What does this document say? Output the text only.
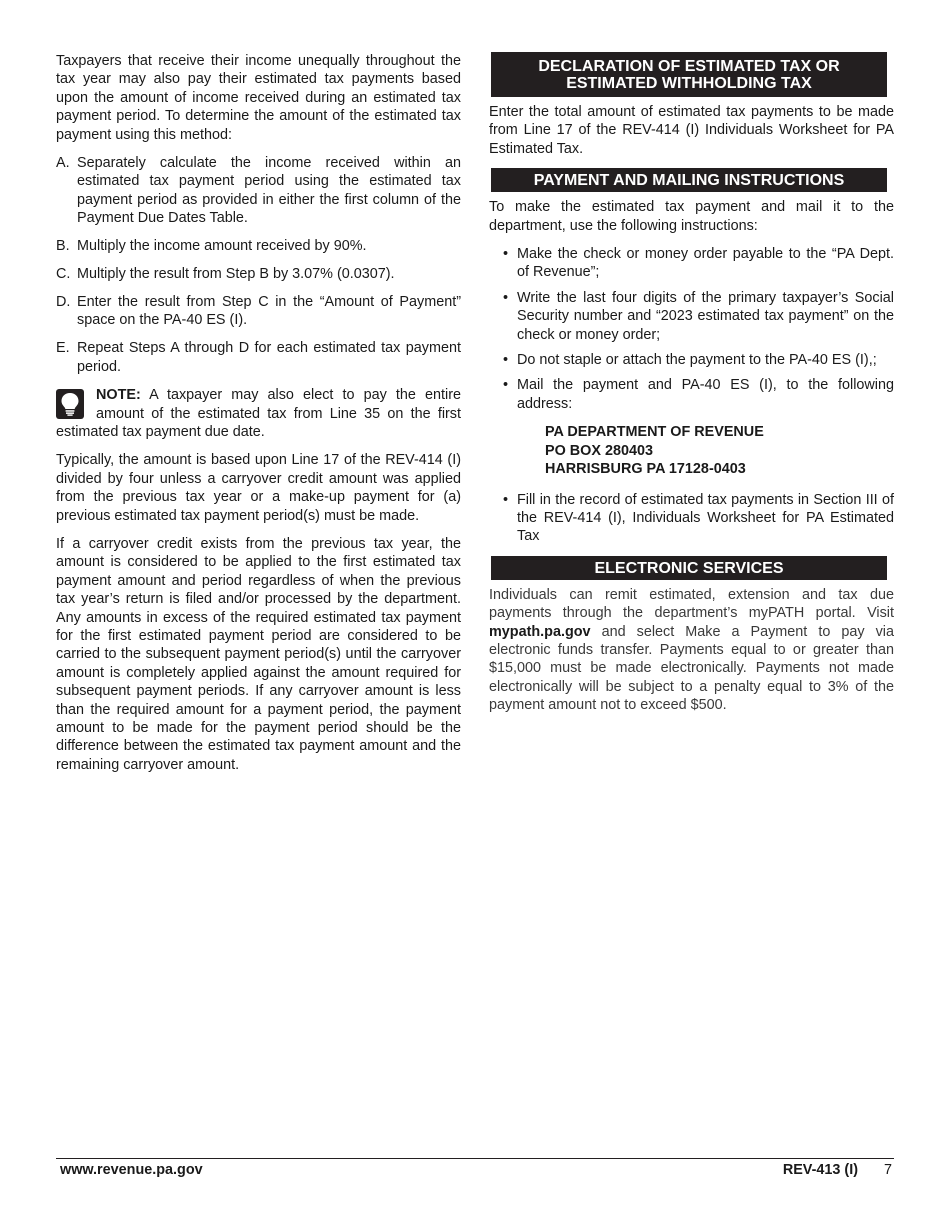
Taxpayers that receive their income unequally throughout the tax year may also pay their estimated tax payments based upon the amount of income received during an estimated tax payment period. To determine the amount of the estimated tax payment using this method:

A. Separately calculate the income received within an estimated tax payment period using the estimated tax payment period as provided in either the first column of the Payment Due Dates Table.
B. Multiply the income amount received by 90%.
C. Multiply the result from Step B by 3.07% (0.0307).
D. Enter the result from Step C in the “Amount of Payment” space on the PA-40 ES (I).
E. Repeat Steps A through D for each estimated tax payment period.
NOTE: A taxpayer may also elect to pay the entire amount of the estimated tax from Line 35 on the first estimated tax payment due date.

Typically, the amount is based upon Line 17 of the REV-414 (I) divided by four unless a carryover credit amount was applied from the previous tax year or a make-up payment for (a) previous estimated tax payment period(s) must be made.

If a carryover credit exists from the previous tax year, the amount is considered to be applied to the first estimated tax payment amount and period regardless of when the previous tax year’s return is filed and/or processed by the department. Any amounts in excess of the required estimated tax payment for the first estimated payment period are considered to be carried to the subsequent payment period(s) until the carryover amount is completely applied against the amount required for subsequent payment periods. If any carryover amount is less than the required amount for a payment period, the payment amount to be made for the payment period should be the difference between the estimated tax payment amount and the remaining carryover amount.

DECLARATION OF ESTIMATED TAX OR
ESTIMATED WITHHOLDING TAX

Enter the total amount of estimated tax payments to be made from Line 17 of the REV-414 (I) Individuals Worksheet for PA Estimated Tax.

PAYMENT AND MAILING INSTRUCTIONS

To make the estimated tax payment and mail it to the department, use the following instructions:

• Make the check or money order payable to the “PA Dept. of Revenue”;
• Write the last four digits of the primary taxpayer’s Social Security number and “2023 estimated tax payment” on the check or money order;
• Do not staple or attach the payment to the PA-40 ES (I),;
• Mail the payment and PA-40 ES (I), to the following address:
PA DEPARTMENT OF REVENUE
PO BOX 280403
HARRISBURG PA 17128-0403
• Fill in the record of estimated tax payments in Section III of the REV-414 (I), Individuals Worksheet for PA Estimated Tax
ELECTRONIC SERVICES

Individuals can remit estimated, extension and tax due payments through the department’s myPATH portal. Visit mypath.pa.gov and select Make a Payment to pay via electronic funds transfer. Payments equal to or greater than $15,000 must be made electronically. Payments not made electronically will be subject to a penalty equal to 3% of the payment amount not to exceed $500.

www.revenue.pa.gov	REV-413 (I) 7
